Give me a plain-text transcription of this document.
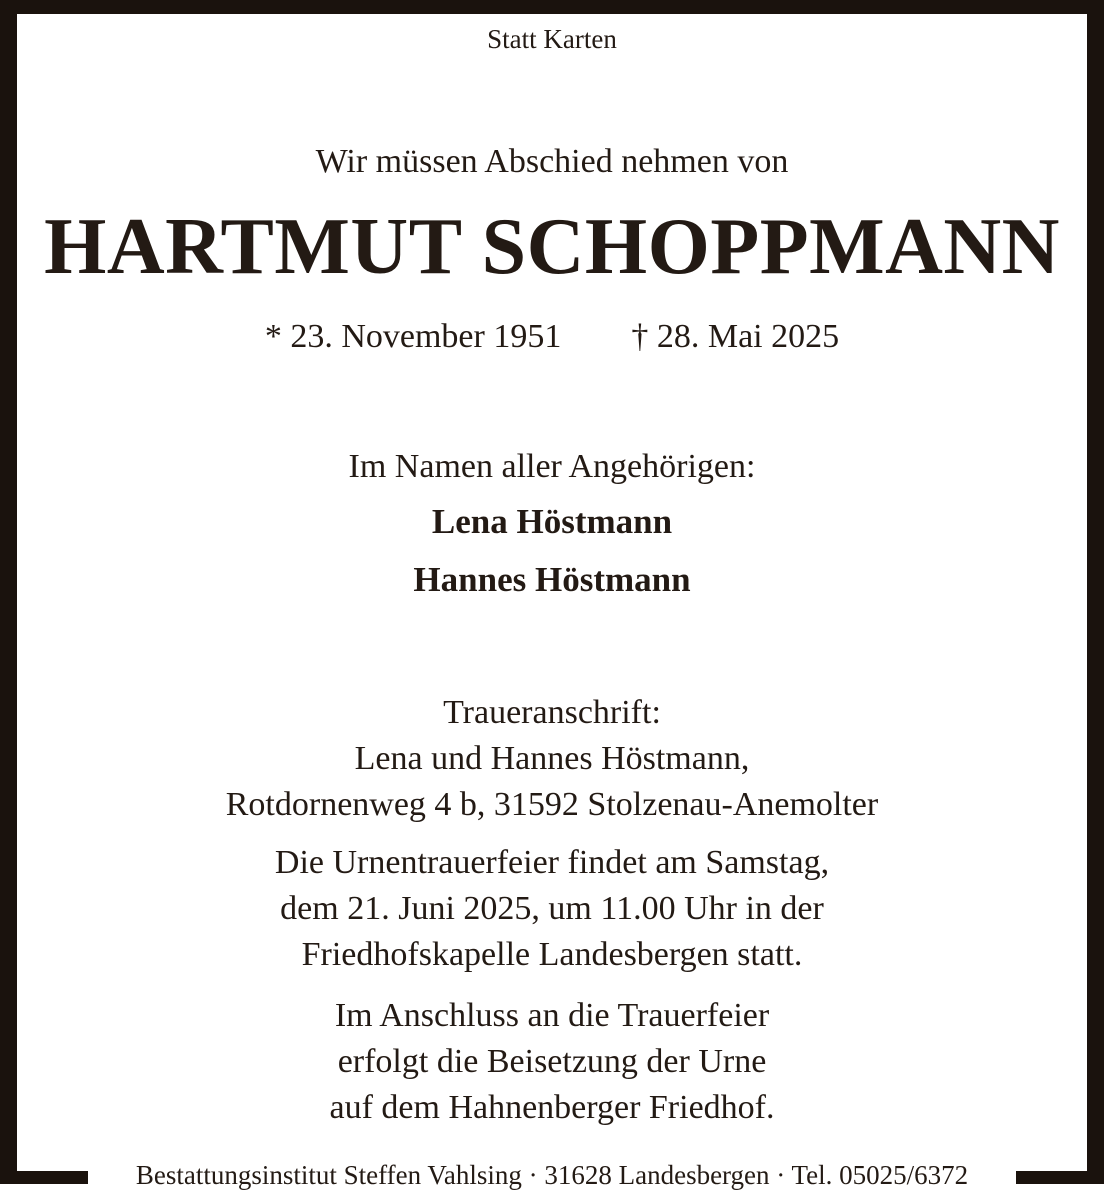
Statt Karten
Wir müssen Abschied nehmen von
HARTMUT SCHOPPMANN
* 23. November 1951 † 28. Mai 2025
Im Namen aller Angehörigen:
Lena Höstmann
Hannes Höstmann
Traueranschrift:
Lena und Hannes Höstmann,
Rotdornenweg 4 b, 31592 Stolzenau-Anemolter
Die Urnentrauerfeier findet am Samstag,
dem 21. Juni 2025, um 11.00 Uhr in der
Friedhofskapelle Landesbergen statt.
Im Anschluss an die Trauerfeier
erfolgt die Beisetzung der Urne
auf dem Hahnenberger Friedhof.
Bestattungsinstitut Steffen Vahlsing · 31628 Landesbergen · Tel. 05025/6372
